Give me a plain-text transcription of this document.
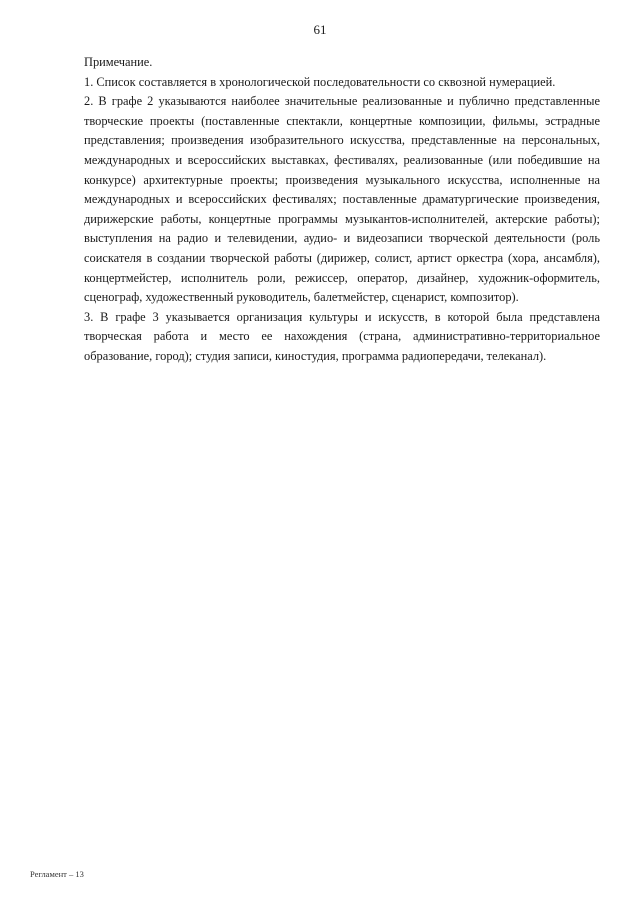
61
Примечание.
1. Список составляется в хронологической последовательности со сквозной нумерацией.
2. В графе 2 указываются наиболее значительные реализованные и публично представленные
творческие проекты (поставленные спектакли, концертные композиции, фильмы, эстрадные
представления; произведения изобразительного искусства, представленные на персональных,
международных и всероссийских выставках, фестивалях, реализованные (или победившие на
конкурсе) архитектурные проекты; произведения музыкального искусства, исполненные на
международных и всероссийских фестивалях; поставленные драматургические произведения,
дирижерские работы, концертные программы музыкантов-исполнителей, актерские работы);
выступления на радио и телевидении, аудио- и видеозаписи творческой деятельности (роль
соискателя в создании творческой работы (дирижер, солист, артист оркестра (хора, ансамбля),
концертмейстер, исполнитель роли, режиссер, оператор, дизайнер, художник-оформитель,
сценограф, художественный руководитель, балетмейстер, сценарист, композитор).
3. В графе 3 указывается организация культуры и искусств, в которой была представлена
творческая работа и место ее нахождения (страна, административно-территориальное
образование, город); студия записи, киностудия, программа радиопередачи, телеканал).
Регламент – 13
